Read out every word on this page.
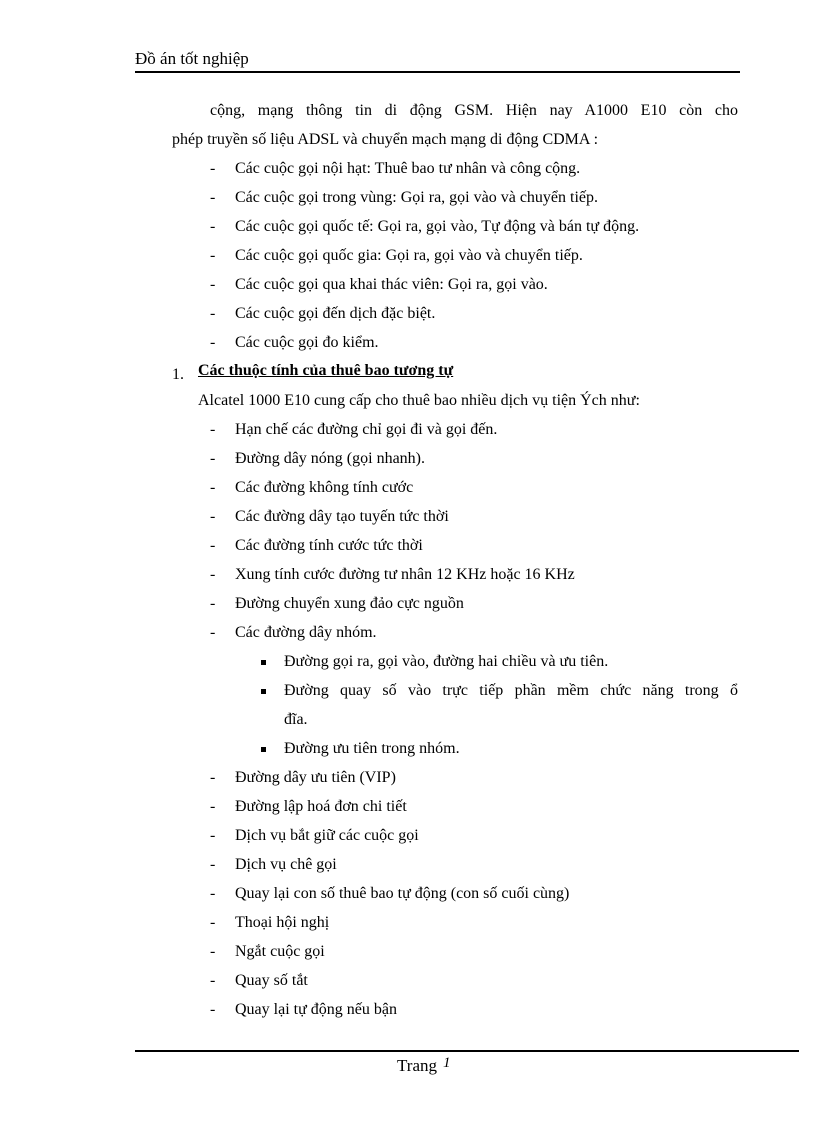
Đồ án tốt nghiệp
cộng, mạng thông tin di động GSM. Hiện nay A1000 E10 còn cho
phép truyền số liệu ADSL và chuyển mạch mạng di động CDMA :
- Các cuộc gọi nội hạt: Thuê bao tư nhân và công cộng.
- Các cuộc gọi trong vùng: Gọi ra, gọi vào và chuyển tiếp.
- Các cuộc gọi quốc tế: Gọi ra, gọi vào, Tự động và bán tự động.
- Các cuộc gọi quốc gia: Gọi ra, gọi vào và chuyển tiếp.
- Các cuộc gọi qua khai thác viên: Gọi ra, gọi vào.
- Các cuộc gọi đến dịch đặc biệt.
- Các cuộc gọi đo kiểm.
1. Các thuộc tính của thuê bao tương tự
Alcatel 1000 E10 cung cấp cho thuê bao nhiều dịch vụ tiện Ých như:
- Hạn chế các đường chỉ gọi đi và gọi đến.
- Đường dây nóng (gọi nhanh).
- Các đường không tính cước
- Các đường dây tạo tuyến tức thời
- Các đường tính cước tức thời
- Xung tính cước đường tư nhân 12 KHz hoặc 16 KHz
- Đường chuyển xung đảo cực nguồn
- Các đường dây nhóm.
Đường gọi ra, gọi vào, đường hai chiều và ưu tiên.
Đường quay số vào trực tiếp phần mềm chức năng trong ổ
đĩa.
Đường ưu tiên trong nhóm.
- Đường dây ưu tiên (VIP)
- Đường lập hoá đơn chi tiết
- Dịch vụ bắt giữ các cuộc gọi
- Dịch vụ chê gọi
- Quay lại con số thuê bao tự động (con số cuối cùng)
- Thoại hội nghị
- Ngắt cuộc gọi
- Quay số tắt
- Quay lại tự động nếu bận
Trang 1
